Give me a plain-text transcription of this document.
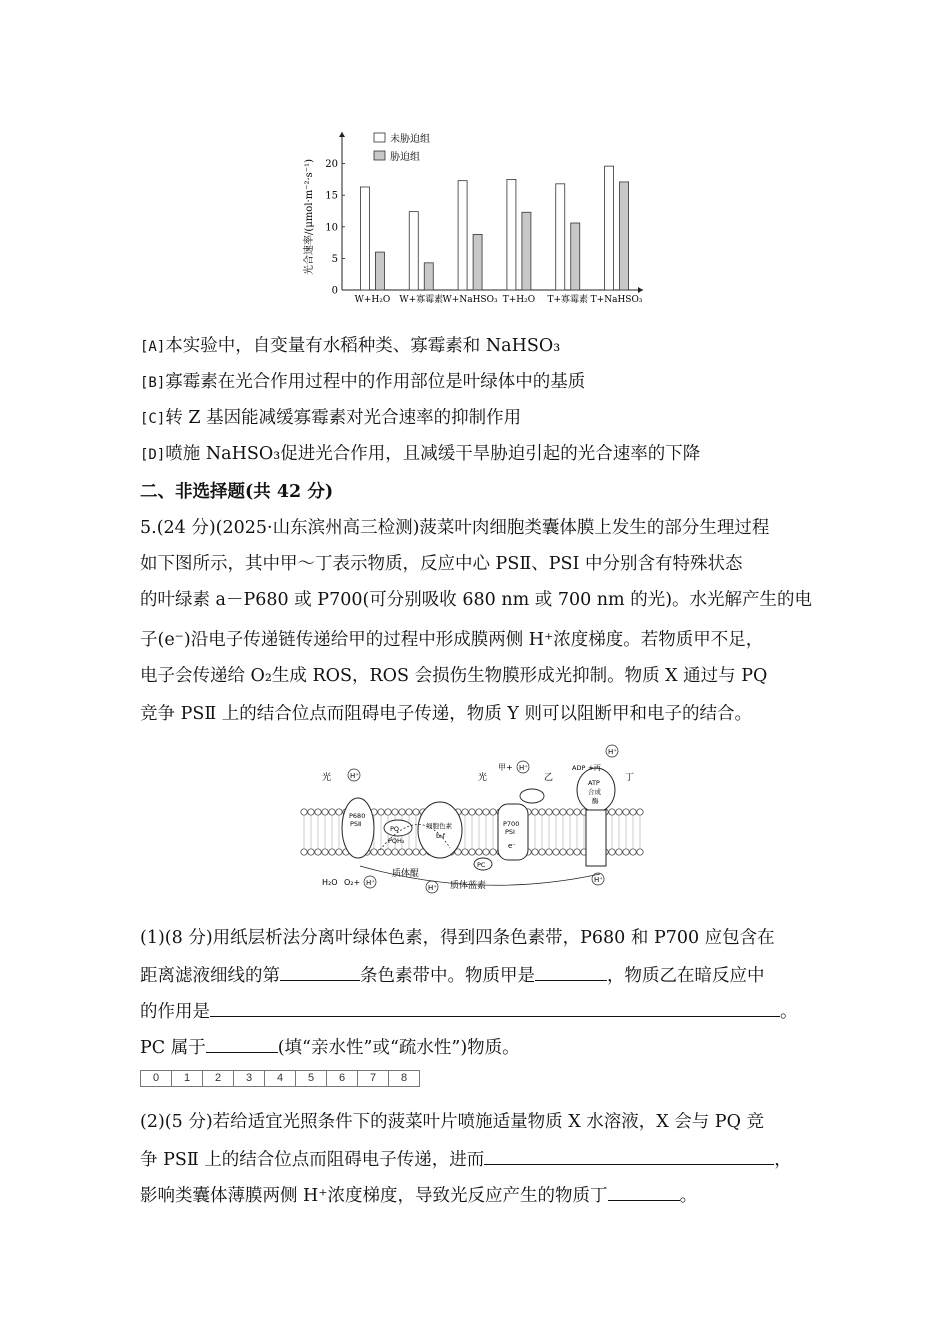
光合速率/(μmol·m⁻²·s⁻¹)
0
5
10
15
20
W+H₂O W+寡霉素 W+NaHSO₃ T+H₂O T+寡霉素 T+NaHSO₃
未胁迫组
胁迫组
[A]本实验中，自变量有水稻种类、寡霉素和 NaHSO₃
[B]寡霉素在光合作用过程中的作用部位是叶绿体中的基质
[C]转 Z 基因能减缓寡霉素对光合速率的抑制作用
[D]喷施 NaHSO₃促进光合作用，且减缓干旱胁迫引起的光合速率的下降
二、非选择题(共 42 分)
5.(24 分)(2025·山东滨州高三检测)菠菜叶肉细胞类囊体膜上发生的部分生理过程
如下图所示，其中甲～丁表示物质，反应中心 PSⅡ、PSⅠ 中分别含有特殊状态
的叶绿素 a－P680 或 P700(可分别吸收 680 nm 或 700 nm 的光)。水光解产生的电
子(e⁻)沿电子传递链传递给甲的过程中形成膜两侧 H⁺浓度梯度。若物质甲不足，
电子会传递给 O₂生成 ROS，ROS 会损伤生物膜形成光抑制。物质 X 通过与 PQ
竞争 PSⅡ 上的结合位点而阻碍电子传递，物质 Y 则可以阻断甲和电子的结合。
P680
PSⅡ
PQ
PQH₂
细胞色素
b₆f
P700
PSⅠ
ATP
合成
酶
PC
光	H⁺	光
甲+ H⁺
乙
ADP +丙
丁
H⁺
e⁻
H₂O O₂+ H⁺
质体醌
H⁺ 质体蓝素
H⁺
(1)(8 分)用纸层析法分离叶绿体色素，得到四条色素带，P680 和 P700 应包含在
距离滤液细线的第	条色素带中。物质甲是	，物质乙在暗反应中
的作用是	。
PC 属于	(填“亲水性”或“疏水性”)物质。
0	1	2	3	4	5	6	7	8
(2)(5 分)若给适宜光照条件下的菠菜叶片喷施适量物质 X 水溶液，X 会与 PQ 竞
争 PSⅡ 上的结合位点而阻碍电子传递，进而	，
影响类囊体薄膜两侧 H⁺浓度梯度，导致光反应产生的物质丁	。
